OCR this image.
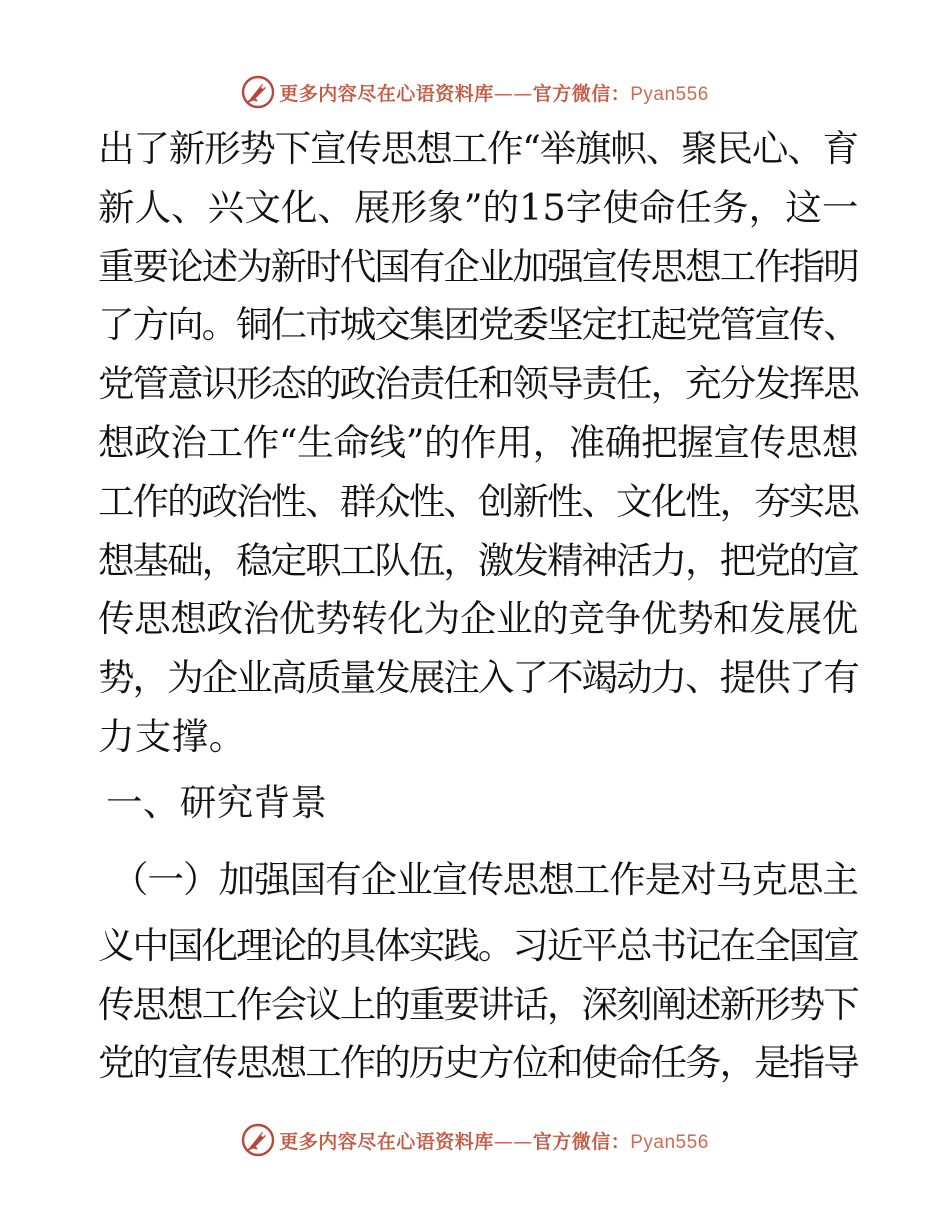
更多内容尽在心语资料库——官方微信：Pyan556
出了新形势下宣传思想工作“举旗帜、聚民心、育
新人、兴文化、展形象”的15字使命任务，这一
重要论述为新时代国有企业加强宣传思想工作指明
了方向。铜仁市城交集团党委坚定扛起党管宣传、
党管意识形态的政治责任和领导责任，充分发挥思
想政治工作“生命线”的作用，准确把握宣传思想
工作的政治性、群众性、创新性、文化性，夯实思
想基础，稳定职工队伍，激发精神活力，把党的宣
传思想政治优势转化为企业的竞争优势和发展优
势，为企业高质量发展注入了不竭动力、提供了有
力支撑。
一、研究背景
（一）加强国有企业宣传思想工作是对马克思主
义中国化理论的具体实践。习近平总书记在全国宣
传思想工作会议上的重要讲话，深刻阐述新形势下
党的宣传思想工作的历史方位和使命任务，是指导
更多内容尽在心语资料库——官方微信：Pyan556
